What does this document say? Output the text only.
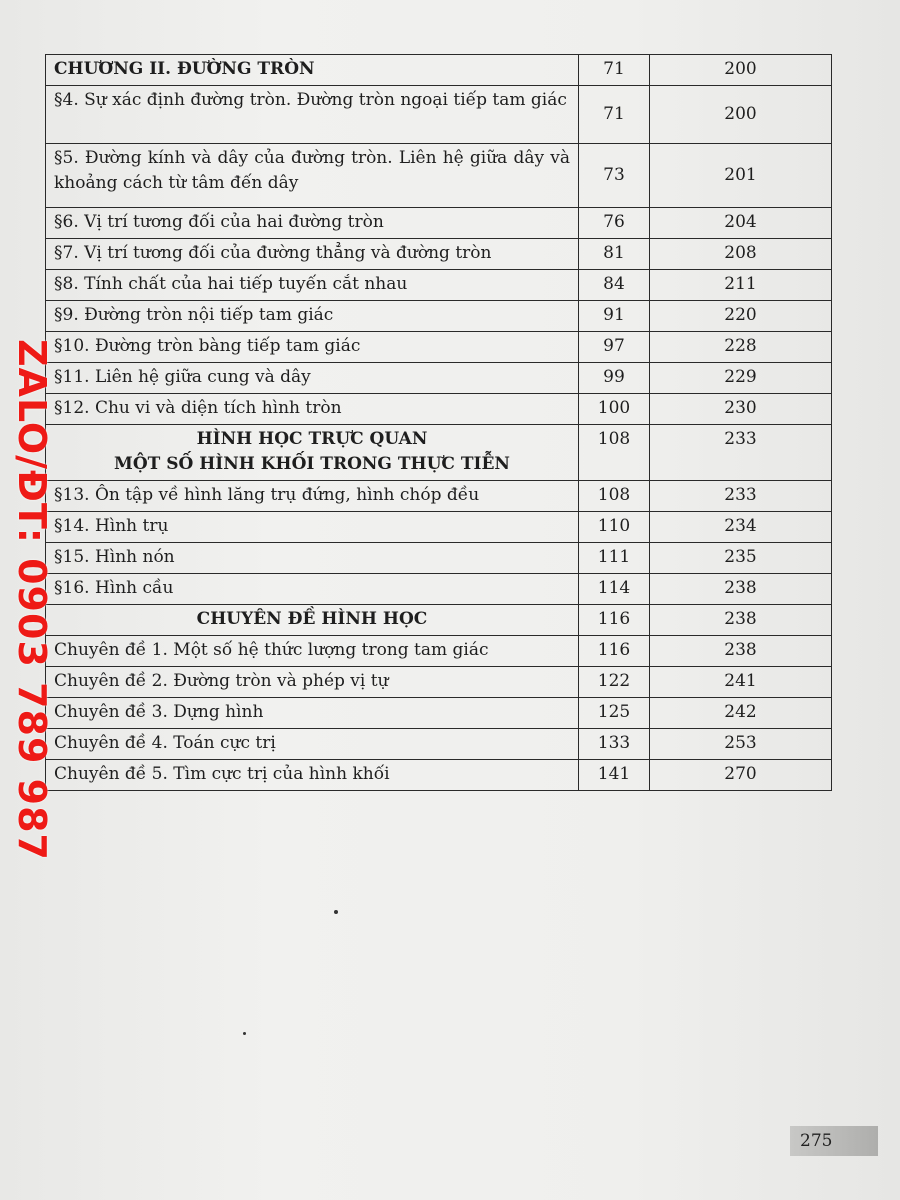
CHƯƠNG II. ĐƯỜNG TRÒN	71	200
§4. Sự xác định đường tròn. Đường tròn ngoại tiếp tam giác	71	200
§5. Đường kính và dây của đường tròn. Liên hệ giữa dây và khoảng cách từ tâm đến dây	73	201
§6. Vị trí tương đối của hai đường tròn	76	204
§7. Vị trí tương đối của đường thẳng và đường tròn	81	208
§8. Tính chất của hai tiếp tuyến cắt nhau	84	211
§9. Đường tròn nội tiếp tam giác	91	220
§10. Đường tròn bàng tiếp tam giác	97	228
§11. Liên hệ giữa cung và dây	99	229
§12. Chu vi và diện tích hình tròn	100	230

HÌNH HỌC TRỰC QUAN
MỘT SỐ HÌNH KHỐI TRONG THỰC TIỄN	108	233
§13. Ôn tập về hình lăng trụ đứng, hình chóp đều	108	233
§14. Hình trụ	110	234
§15. Hình nón	111	235
§16. Hình cầu	114	238
CHUYÊN ĐỀ HÌNH HỌC	116	238
Chuyên đề 1. Một số hệ thức lượng trong tam giác	116	238
Chuyên đề 2. Đường tròn và phép vị tự	122	241
Chuyên đề 3. Dựng hình	125	242
Chuyên đề 4. Toán cực trị	133	253
Chuyên đề 5. Tìm cực trị của hình khối	141	270
ZALO/ĐT: 0903 789 987
275
